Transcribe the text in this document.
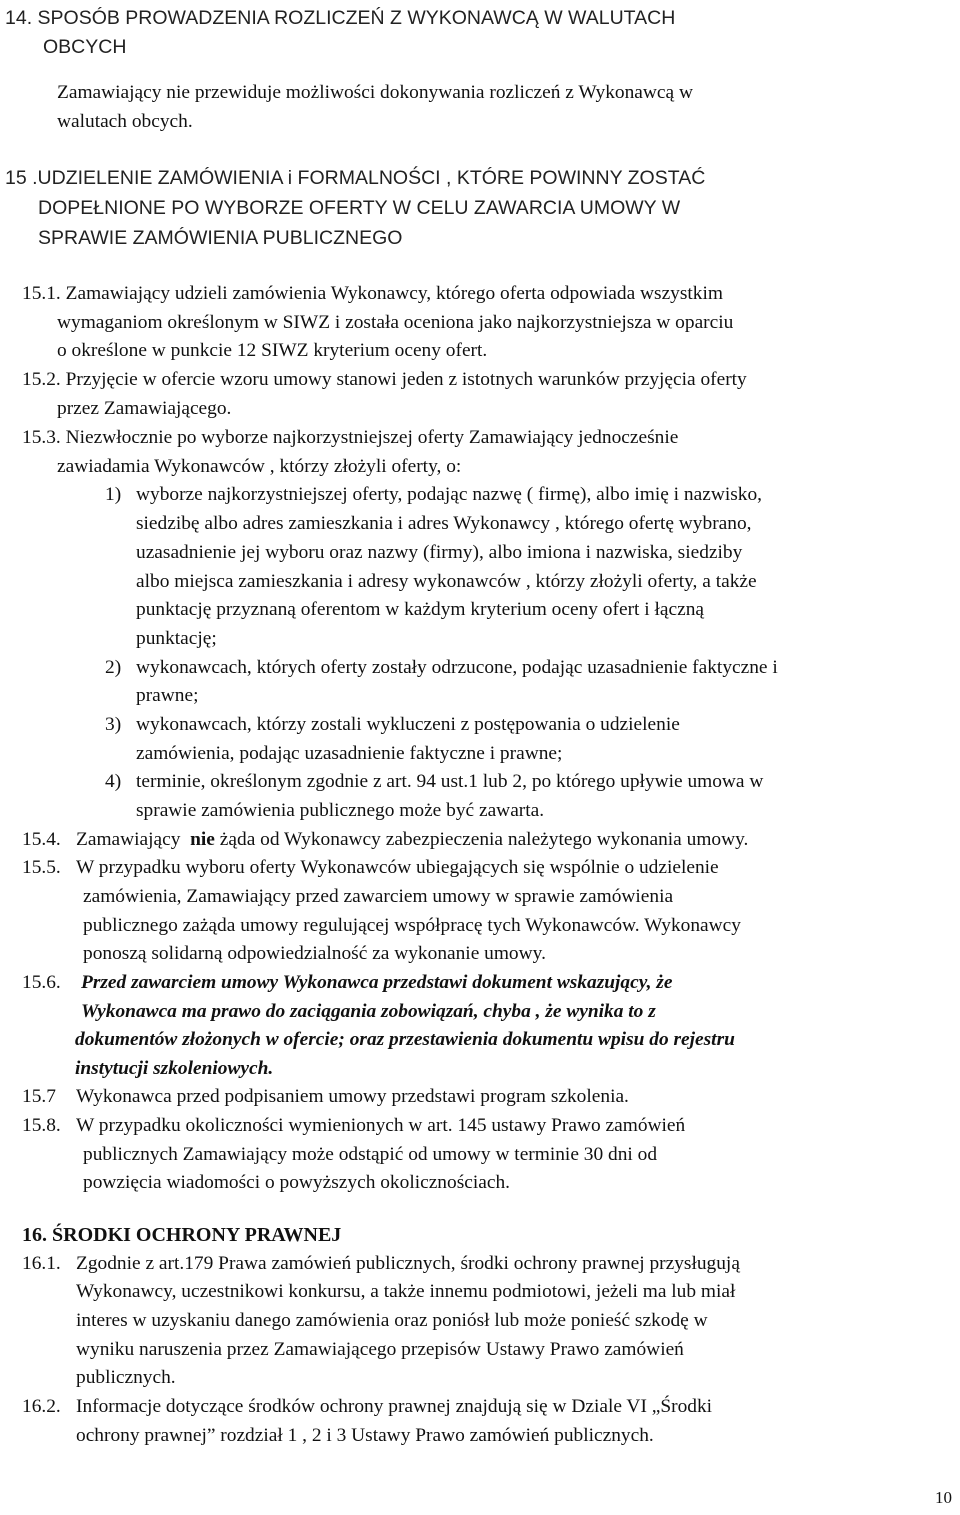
14. SPOSÓB PROWADZENIA ROZLICZEŃ Z WYKONAWCĄ W WALUTACH
OBCYCH
Zamawiający nie przewiduje możliwości dokonywania rozliczeń z Wykonawcą w
walutach obcych.
15 .UDZIELENIE ZAMÓWIENIA i FORMALNOŚCI , KTÓRE POWINNY ZOSTAĆ
DOPEŁNIONE PO WYBORZE OFERTY W CELU ZAWARCIA UMOWY W
SPRAWIE ZAMÓWIENIA PUBLICZNEGO
15.1. Zamawiający udzieli zamówienia Wykonawcy, którego oferta odpowiada wszystkim
wymaganiom określonym w SIWZ i została oceniona jako najkorzystniejsza w oparciu
o określone w punkcie 12 SIWZ kryterium oceny ofert.
15.2. Przyjęcie w ofercie wzoru umowy stanowi jeden z istotnych warunków przyjęcia oferty
przez Zamawiającego.
15.3. Niezwłocznie po wyborze najkorzystniejszej oferty Zamawiający jednocześnie
zawiadamia Wykonawców , którzy złożyli oferty, o:
1) wyborze najkorzystniejszej oferty, podając nazwę ( firmę), albo imię i nazwisko,
siedzibę albo adres zamieszkania i adres Wykonawcy , którego ofertę wybrano,
uzasadnienie jej wyboru oraz nazwy (firmy), albo imiona i nazwiska, siedziby
albo miejsca zamieszkania i adresy wykonawców , którzy złożyli oferty, a także
punktację przyznaną oferentom w każdym kryterium oceny ofert i łączną
punktację;
2) wykonawcach, których oferty zostały odrzucone, podając uzasadnienie faktyczne i
prawne;
3) wykonawcach, którzy zostali wykluczeni z postępowania o udzielenie
zamówienia, podając uzasadnienie faktyczne i prawne;
4) terminie, określonym zgodnie z art. 94 ust.1 lub 2, po którego upływie umowa w
sprawie zamówienia publicznego może być zawarta.
15.4. Zamawiający nie żąda od Wykonawcy zabezpieczenia należytego wykonania umowy.
15.5. W przypadku wyboru oferty Wykonawców ubiegających się wspólnie o udzielenie
zamówienia, Zamawiający przed zawarciem umowy w sprawie zamówienia
publicznego zażąda umowy regulującej współpracę tych Wykonawców. Wykonawcy
ponoszą solidarną odpowiedzialność za wykonanie umowy.
15.6. Przed zawarciem umowy Wykonawca przedstawi dokument wskazujący, że
Wykonawca ma prawo do zaciągania zobowiązań, chyba , że wynika to z
dokumentów złożonych w ofercie; oraz przestawienia dokumentu wpisu do rejestru
instytucji szkoleniowych.
15.7 Wykonawca przed podpisaniem umowy przedstawi program szkolenia.
15.8. W przypadku okoliczności wymienionych w art. 145 ustawy Prawo zamówień
publicznych Zamawiający może odstąpić od umowy w terminie 30 dni od
powzięcia wiadomości o powyższych okolicznościach.
16. ŚRODKI OCHRONY PRAWNEJ
16.1. Zgodnie z art.179 Prawa zamówień publicznych, środki ochrony prawnej przysługują
Wykonawcy, uczestnikowi konkursu, a także innemu podmiotowi, jeżeli ma lub miał
interes w uzyskaniu danego zamówienia oraz poniósł lub może ponieść szkodę w
wyniku naruszenia przez Zamawiającego przepisów Ustawy Prawo zamówień
publicznych.
16.2. Informacje dotyczące środków ochrony prawnej znajdują się w Dziale VI „Środki
ochrony prawnej” rozdział 1 , 2 i 3 Ustawy Prawo zamówień publicznych.
10
